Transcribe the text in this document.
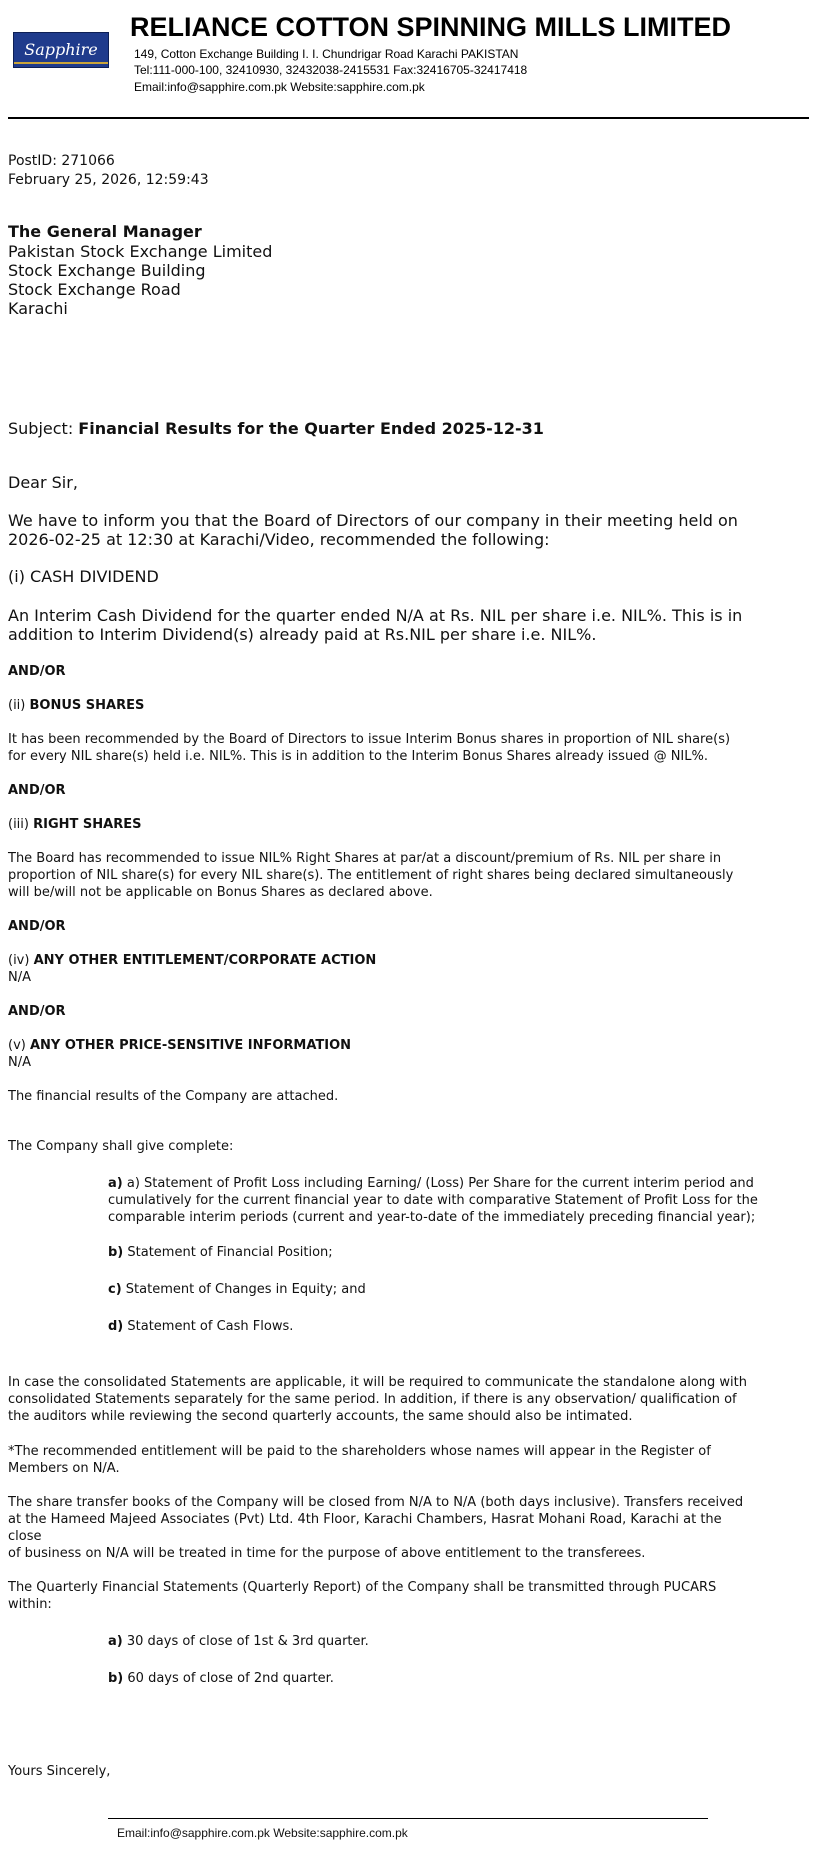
Sapphire
RELIANCE COTTON SPINNING MILLS LIMITED
149, Cotton Exchange Building I. I. Chundrigar Road Karachi PAKISTAN
Tel:111-000-100, 32410930, 32432038-2415531 Fax:32416705-32417418
Email:info@sapphire.com.pk Website:sapphire.com.pk
PostID: 271066
February 25, 2026, 12:59:43
The General Manager
Pakistan Stock Exchange Limited
Stock Exchange Building
Stock Exchange Road
Karachi
Subject: Financial Results for the Quarter Ended 2025-12-31
Dear Sir,
We have to inform you that the Board of Directors of our company in their meeting held on
2026-02-25 at 12:30 at Karachi/Video, recommended the following:
(i) CASH DIVIDEND
An Interim Cash Dividend for the quarter ended N/A at Rs. NIL per share i.e. NIL%. This is in
addition to Interim Dividend(s) already paid at Rs.NIL per share i.e. NIL%.
AND/OR
(ii) BONUS SHARES
It has been recommended by the Board of Directors to issue Interim Bonus shares in proportion of NIL share(s)
for every NIL share(s) held i.e. NIL%. This is in addition to the Interim Bonus Shares already issued @ NIL%.
AND/OR
(iii) RIGHT SHARES
The Board has recommended to issue NIL% Right Shares at par/at a discount/premium of Rs. NIL per share in
proportion of NIL share(s) for every NIL share(s). The entitlement of right shares being declared simultaneously
will be/will not be applicable on Bonus Shares as declared above.
AND/OR
(iv) ANY OTHER ENTITLEMENT/CORPORATE ACTION
N/A
AND/OR
(v) ANY OTHER PRICE-SENSITIVE INFORMATION
N/A
The financial results of the Company are attached.
The Company shall give complete:
a) a) Statement of Profit Loss including Earning/ (Loss) Per Share for the current interim period and
cumulatively for the current financial year to date with comparative Statement of Profit Loss for the
comparable interim periods (current and year-to-date of the immediately preceding financial year);
b) Statement of Financial Position;
c) Statement of Changes in Equity; and
d) Statement of Cash Flows.
In case the consolidated Statements are applicable, it will be required to communicate the standalone along with
consolidated Statements separately for the same period. In addition, if there is any observation/ qualification of
the auditors while reviewing the second quarterly accounts, the same should also be intimated.
*The recommended entitlement will be paid to the shareholders whose names will appear in the Register of
Members on N/A.
The share transfer books of the Company will be closed from N/A to N/A (both days inclusive). Transfers received
at the Hameed Majeed Associates (Pvt) Ltd. 4th Floor, Karachi Chambers, Hasrat Mohani Road, Karachi at the
close
of business on N/A will be treated in time for the purpose of above entitlement to the transferees.
The Quarterly Financial Statements (Quarterly Report) of the Company shall be transmitted through PUCARS
within:
a) 30 days of close of 1st & 3rd quarter.
b) 60 days of close of 2nd quarter.
Yours Sincerely,
Email:info@sapphire.com.pk Website:sapphire.com.pk
